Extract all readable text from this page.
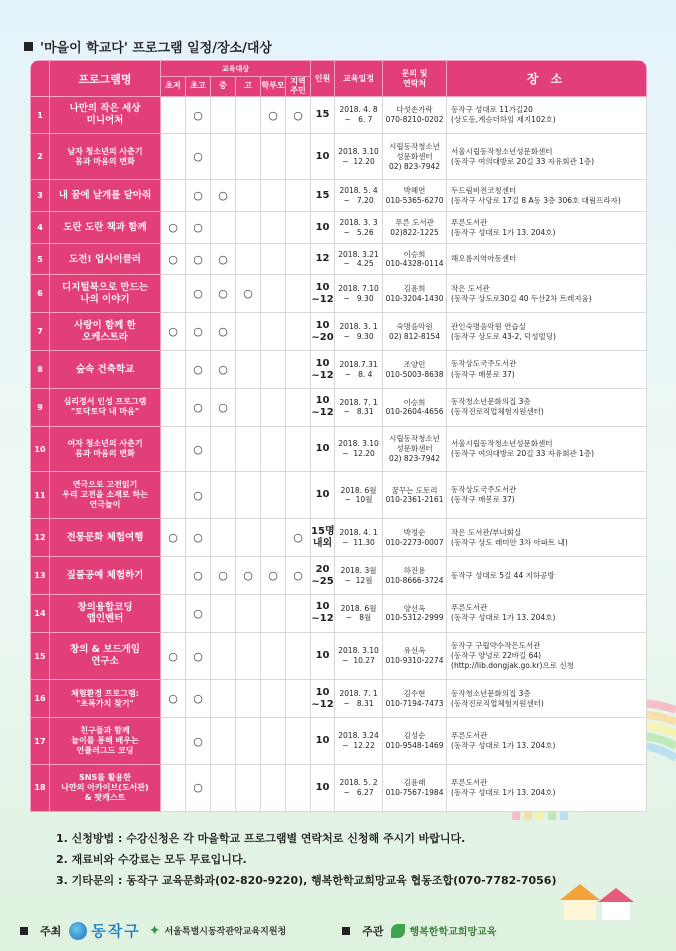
'마을이 학교다' 프로그램 일정/장소/대상
	프로그램명	교육대상						인원	교육일정	문의 및
연락처	장 소
		초저	초고	중	고	학부모	지역
주민				
1	나만의 작은 세상
미니어처		○			○	○	15	2018. 4. 8
~   6. 7	다섯손가락
070-8210-0202	동작구 성대로 11가길20
(상도동,계승더하임 제지102호)
2	남자 청소년의 사춘기
몸과 마음의 변화		○					10	2018. 3.10
~  12.20	시립동작청소년
성문화센터
02) 823-7942	서울시립동작청소년성문화센터
(동작구 여의대방로 20길 33 자유회관 1층)
3	내 꿈에 날개를 달아줘		○	○				15	2018. 5. 4
~   7.20	박혜연
010-5365-6270	두드림비전코칭센터
(동작구 사당로 17길 8 A동 3층 306호 대림프라자)
4	도란 도란 책과 함께	○	○					10	2018. 3. 3
~   5.26	푸른 도서관
02)822-1225	푸른도서관
(동작구 성대로 1가 13. 204호)
5	도전! 업사이클러	○	○	○				12	2018. 3.21
~   4.25	이승희
010-4328-0114	해오름지역아동센터
6	디지털북으로 만드는
나의 이야기		○	○	○			10
~12	2018. 7.10
~   9.30	김윤희
010-3204-1430	작은 도서관
(동작구 상도로30길 40 두산2차 트레지움)
7	사랑이 함께 한
오케스트라	○	○	○				10
~20	2018. 3. 1
~   9.30	숙명음악원
02) 812-8154	관인숙명음악원 연습실
(동작구 상도로 43-2, 덕성빌딩)
8	숲속 건축학교		○	○				10
~12	2018.7.31
~   8. 4	조양민
010-5003-8638	동작상도국주도서관
(동작구 매봉로 37)
9	심리정서 인성 프로그램
"토닥토닥 내 마음"		○	○				10
~12	2018. 7. 1
~   8.31	이승희
010-2604-4656	동작청소년문화의집 3층
(동작진로직업체험지원센터)
10	여자 청소년의 사춘기
몸과 마음의 변화		○					10	2018. 3.10
~  12.20	시립동작청소년
성문화센터
02) 823-7942	서울시립동작청소년성문화센터
(동작구 여의대방로 20길 33 자유회관 1층)
11	연극으로 고전읽기
우리 고전을 소재로 하는
연극놀이		○					10	2018. 6월
~  10월	꿈꾸는 도토리
010-2361-2161	동작상도국주도서관
(동작구 매봉로 37)
12	전통문화 체험여행	○	○				○	15명
내외	2018. 4. 1
~  11.30	박정순
010-2273-0007	작은 도서관/부녀회실
(동작구 상도 래미안 3차 아파트 내)
13	짚풀공예 체험하기		○	○	○	○	○	20
~25	2018. 3월
~  12월	하진용
010-8666-3724	동작구 성대로 5길 44 지하공방
14	창의융합코딩
앱인벤터		○					10
~12	2018. 6월
~   8월	양선옥
010-5312-2999	푸른도서관
(동작구 성대로 1가 13. 204호)
15	창의 & 보드게임
연구소	○	○					10	2018. 3.10
~  10.27	유선옥
010-9310-2274	동작구 구립약수작은도서관
(동작구 양녕로 22바길 64)
(http://lib.dongjak.go.kr)으로 신청
16	체험환경 프로그램:
"초록가치 찾기"	○	○					10
~12	2018. 7. 1
~   8.31	김수현
010-7194-7473	동작청소년문화의집 3층
(동작진로직업체험지원센터)
17	친구들과 함께
놀이를 통해 배우는
언플러그드 코딩		○					10	2018. 3.24
~  12.22	김성순
010-9548-1469	푸른도서관
(동작구 성대로 1가 13. 204호)
18	SNS를 활용한
나만의 아카이브(도서관)
& 팟캐스트		○					10	2018. 5. 2
~   6.27	김윤래
010-7567-1984	푸른도서관
(동작구 성대로 1가 13. 204호)
1. 신청방법 : 수강신청은 각 마을학교 프로그램별 연락처로 신청해 주시기 바랍니다.
2. 재료비와 수강료는 모두 무료입니다.
3. 기타문의 : 동작구 교육문화과(02-820-9220), 행복한학교희망교육 협동조합(070-7782-7056)
주최 동작구 ✦ 서울특별시동작관악교육지원청	주관	행복한학교희망교육
